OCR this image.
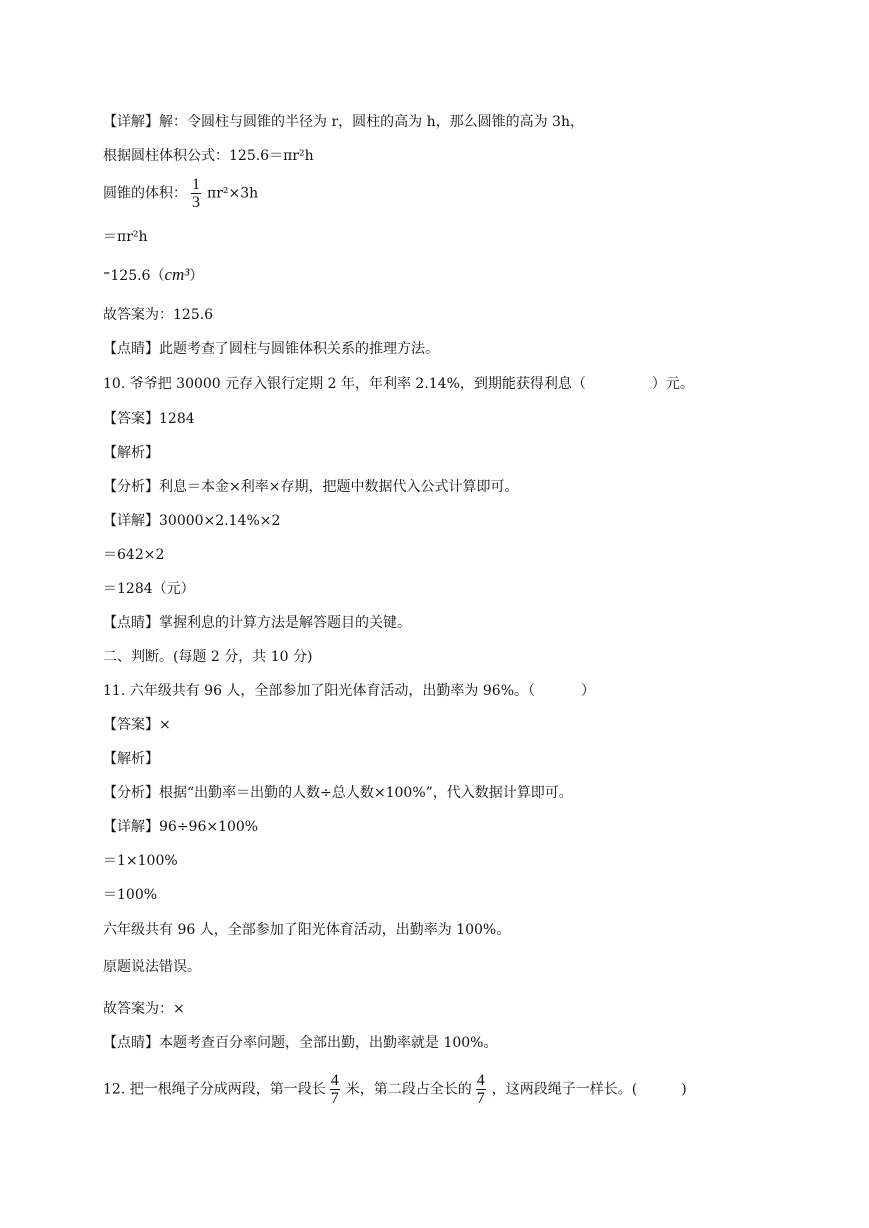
【详解】解：令圆柱与圆锥的半径为 r，圆柱的高为 h，那么圆锥的高为 3h，
根据圆柱体积公式：125.6＝πr²h
圆锥的体积： $\frac{1}{3} \pi r^2\times 3h$
＝πr²h
⁼125.6（cm³）
故答案为：125.6
【点睛】此题考查了圆柱与圆锥体积关系的推理方法。
10. 爷爷把 30000 元存入银行定期 2 年，年利率 2.14%，到期能获得利息（	）元。
【答案】1284
【解析】
【分析】利息＝本金×利率×存期，把题中数据代入公式计算即可。
【详解】30000×2.14%×2
＝642×2
＝1284（元）
【点睛】掌握利息的计算方法是解答题目的关键。
二、判断。(每题 2 分，共 10 分)
11. 六年级共有 96 人，全部参加了阳光体育活动，出勤率为 96%。（	）
【答案】×
【解析】
【分析】根据“出勤率＝出勤的人数÷总人数×100%”，代入数据计算即可。
【详解】96÷96×100%
＝1×100%
＝100%
六年级共有 96 人，全部参加了阳光体育活动，出勤率为 100%。
原题说法错误。
故答案为：×
【点睛】本题考查百分率问题，全部出勤，出勤率就是 100%。
12. 把一根绳子分成两段，第一段长 $\frac{4}{7}$ 米，第二段占全长的 $\frac{4}{7}$ ，这两段绳子一样长。(	)
